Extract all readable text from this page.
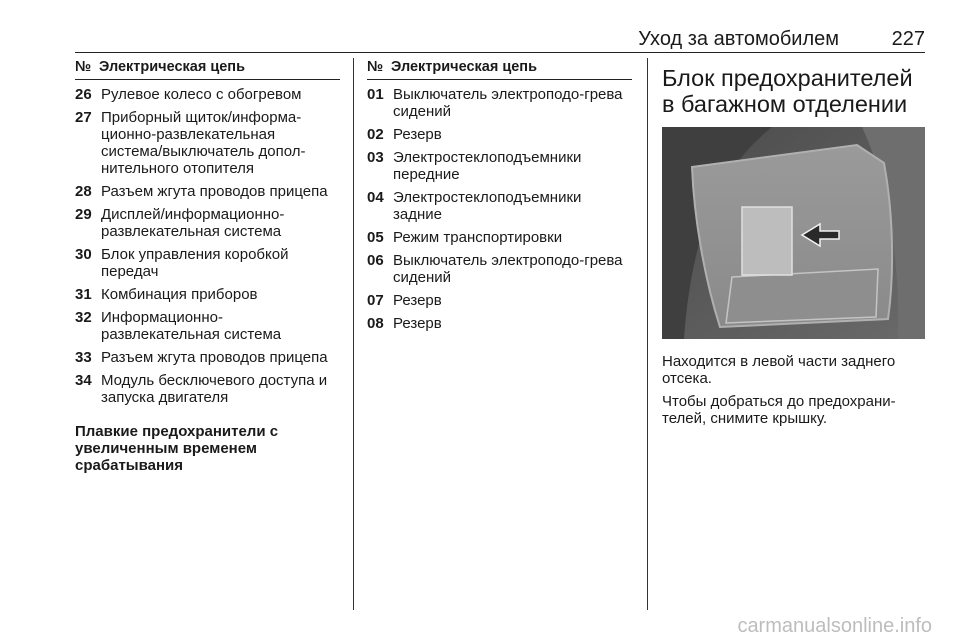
Уход за автомобилем	227
№ Электрическая цепь
26 Рулевое колесо с обогревом
27 Приборный щиток/информа-ционно-развлекательная система/выключатель допол-нительного отопителя
28 Разъем жгута проводов прицепа
29 Дисплей/информационно-развлекательная система
30 Блок управления коробкой передач
31 Комбинация приборов
32 Информационно-развлекательная система
33 Разъем жгута проводов прицепа
34 Модуль бесключевого доступа и запуска двигателя
Плавкие предохранители с увеличенным временем срабатывания
№ Электрическая цепь
01 Выключатель электроподо-грева сидений
02 Резерв
03 Электростеклоподъемники передние
04 Электростеклоподъемники задние
05 Режим транспортировки
06 Выключатель электроподо-грева сидений
07 Резерв
08 Резерв
Блок предохранителей в багажном отделении
Находится в левой части заднего отсека.
Чтобы добраться до предохрани-телей, снимите крышку.
carmanualsonline.info
